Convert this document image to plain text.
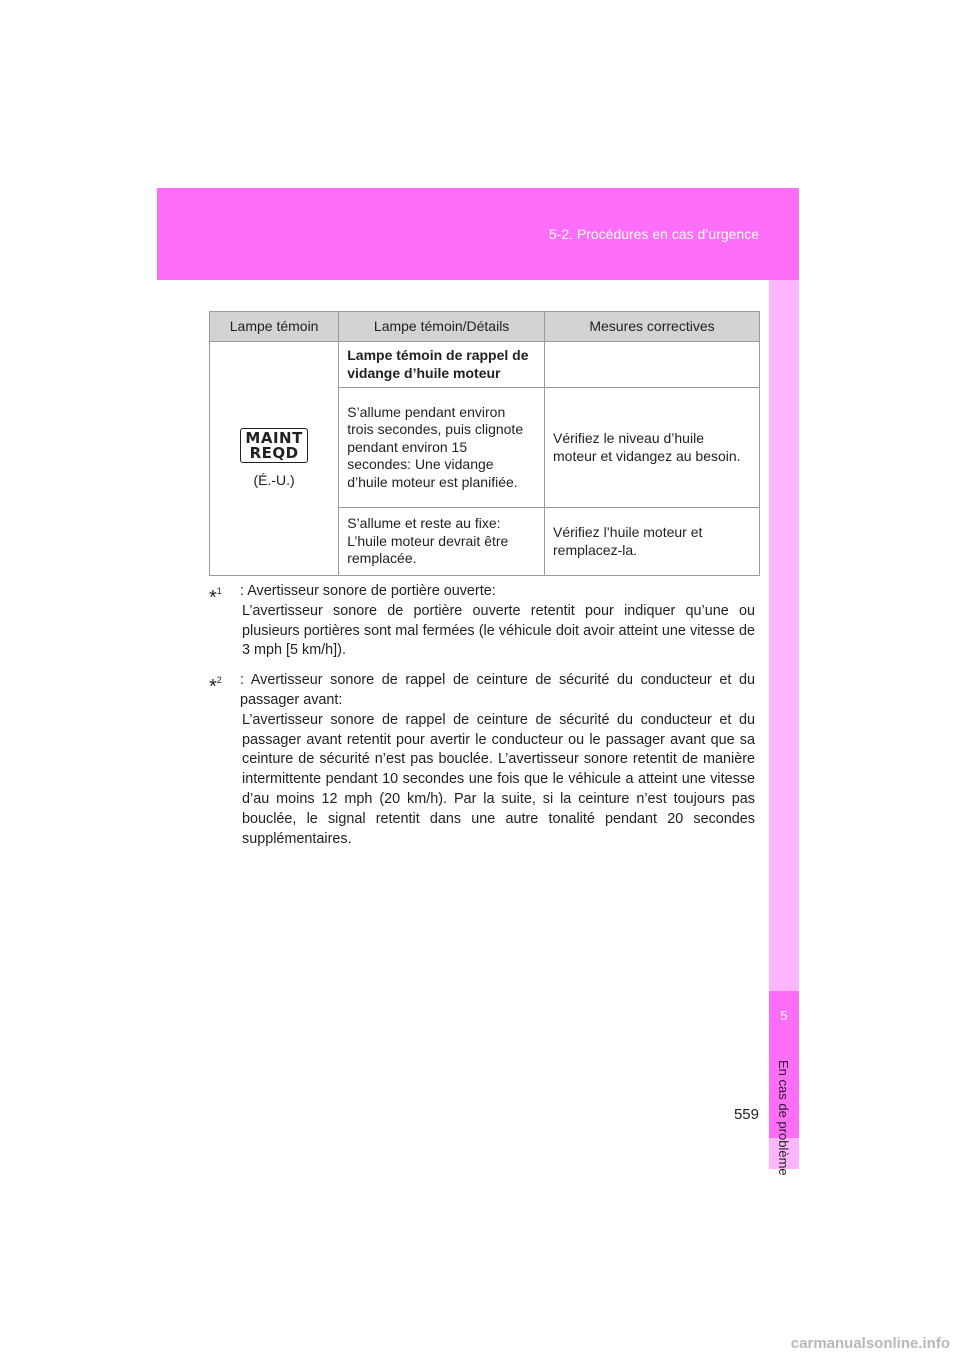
5-2. Procédures en cas d’urgence
5
En cas de problème
Lampe témoin	Lampe témoin/Détails	Mesures correctives

MAINT
REQD
(É.-U.)	Lampe témoin de rappel de vidange d’huile moteur	

	S’allume pendant environ trois secondes, puis clignote pendant environ 15 secondes: Une vidange d’huile moteur est planifiée.	Vérifiez le niveau d’huile moteur et vidangez au besoin.

	S’allume et reste au fixe: L’huile moteur devrait être remplacée.	Vérifiez l’huile moteur et remplacez-la.
*$^1$ : Avertisseur sonore de portière ouverte:
L’avertisseur sonore de portière ouverte retentit pour indiquer qu’une ou plusieurs portières sont mal fermées (le véhicule doit avoir atteint une vitesse de 3 mph [5 km/h]).
*$^2$ : Avertisseur sonore de rappel de ceinture de sécurité du conducteur et du passager avant:
L’avertisseur sonore de rappel de ceinture de sécurité du conducteur et du passager avant retentit pour avertir le conducteur ou le passager avant que sa ceinture de sécurité n’est pas bouclée. L’avertisseur sonore retentit de manière intermittente pendant 10 secondes une fois que le véhicule a atteint une vitesse d’au moins 12 mph (20 km/h). Par la suite, si la ceinture n’est toujours pas bouclée, le signal retentit dans une autre tonalité pendant 20 secondes supplémentaires.
559
carmanualsonline.info
